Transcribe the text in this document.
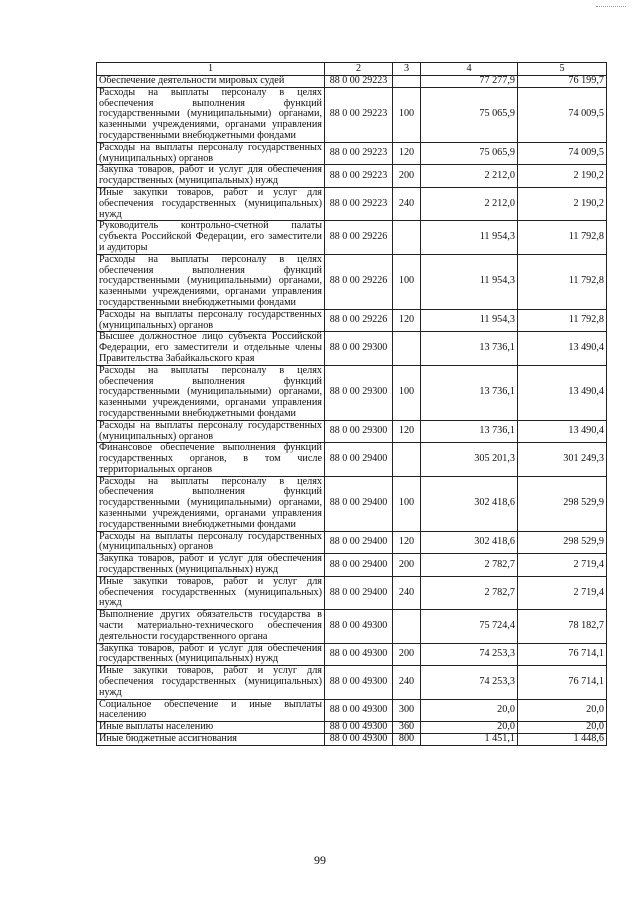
1	2	3	4	5
Обеспечение деятельности мировых судей	88 0 00 29223		77 277,9	76 199,7
Расходы на выплаты персоналу в целях обеспечения выполнения функций государственными (муниципальными) органами, казенными учреждениями, органами управления государственными внебюджетными фондами	88 0 00 29223	100	75 065,9	74 009,5
Расходы на выплаты персоналу государственных (муниципальных) органов	88 0 00 29223	120	75 065,9	74 009,5
Закупка товаров, работ и услуг для обеспечения государственных (муниципальных) нужд	88 0 00 29223	200	2 212,0	2 190,2
Иные закупки товаров, работ и услуг для обеспечения государственных (муниципальных) нужд	88 0 00 29223	240	2 212,0	2 190,2
Руководитель контрольно-счетной палаты субъекта Российской Федерации, его заместители и аудиторы	88 0 00 29226		11 954,3	11 792,8
Расходы на выплаты персоналу в целях обеспечения выполнения функций государственными (муниципальными) органами, казенными учреждениями, органами управления государственными внебюджетными фондами	88 0 00 29226	100	11 954,3	11 792,8
Расходы на выплаты персоналу государственных (муниципальных) органов	88 0 00 29226	120	11 954,3	11 792,8
Высшее должностное лицо субъекта Российской Федерации, его заместители и отдельные члены Правительства Забайкальского края	88 0 00 29300		13 736,1	13 490,4
Расходы на выплаты персоналу в целях обеспечения выполнения функций государственными (муниципальными) органами, казенными учреждениями, органами управления государственными внебюджетными фондами	88 0 00 29300	100	13 736,1	13 490,4
Расходы на выплаты персоналу государственных (муниципальных) органов	88 0 00 29300	120	13 736,1	13 490,4
Финансовое обеспечение выполнения функций государственных органов, в том числе территориальных органов	88 0 00 29400		305 201,3	301 249,3
Расходы на выплаты персоналу в целях обеспечения выполнения функций государственными (муниципальными) органами, казенными учреждениями, органами управления государственными внебюджетными фондами	88 0 00 29400	100	302 418,6	298 529,9
Расходы на выплаты персоналу государственных (муниципальных) органов	88 0 00 29400	120	302 418,6	298 529,9
Закупка товаров, работ и услуг для обеспечения государственных (муниципальных) нужд	88 0 00 29400	200	2 782,7	2 719,4
Иные закупки товаров, работ и услуг для обеспечения государственных (муниципальных) нужд	88 0 00 29400	240	2 782,7	2 719,4
Выполнение других обязательств государства в части материально-технического обеспечения деятельности государственного органа	88 0 00 49300		75 724,4	78 182,7
Закупка товаров, работ и услуг для обеспечения государственных (муниципальных) нужд	88 0 00 49300	200	74 253,3	76 714,1
Иные закупки товаров, работ и услуг для обеспечения государственных (муниципальных) нужд	88 0 00 49300	240	74 253,3	76 714,1
Социальное обеспечение и иные выплаты населению	88 0 00 49300	300	20,0	20,0
Иные выплаты населению	88 0 00 49300	360	20,0	20,0
Иные бюджетные ассигнования	88 0 00 49300	800	1 451,1	1 448,6
99
